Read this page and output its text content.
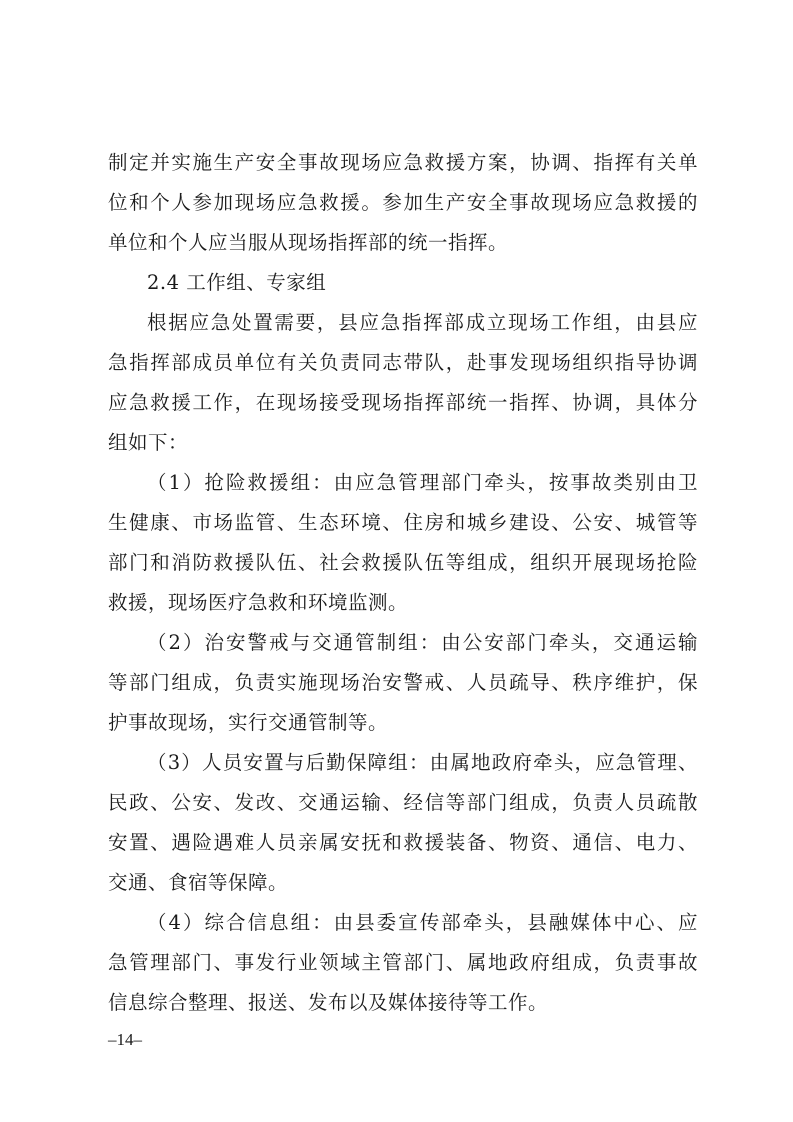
制定并实施生产安全事故现场应急救援方案，协调、指挥有关单
位和个人参加现场应急救援。参加生产安全事故现场应急救援的
单位和个人应当服从现场指挥部的统一指挥。
2.4 工作组、专家组
根据应急处置需要，县应急指挥部成立现场工作组，由县应
急指挥部成员单位有关负责同志带队，赴事发现场组织指导协调
应急救援工作，在现场接受现场指挥部统一指挥、协调，具体分
组如下：
（1）抢险救援组：由应急管理部门牵头，按事故类别由卫
生健康、市场监管、生态环境、住房和城乡建设、公安、城管等
部门和消防救援队伍、社会救援队伍等组成，组织开展现场抢险
救援，现场医疗急救和环境监测。
（2）治安警戒与交通管制组：由公安部门牵头，交通运输
等部门组成，负责实施现场治安警戒、人员疏导、秩序维护，保
护事故现场，实行交通管制等。
（3）人员安置与后勤保障组：由属地政府牵头，应急管理、
民政、公安、发改、交通运输、经信等部门组成，负责人员疏散
安置、遇险遇难人员亲属安抚和救援装备、物资、通信、电力、
交通、食宿等保障。
（4）综合信息组：由县委宣传部牵头，县融媒体中心、应
急管理部门、事发行业领域主管部门、属地政府组成，负责事故
信息综合整理、报送、发布以及媒体接待等工作。
–14–
